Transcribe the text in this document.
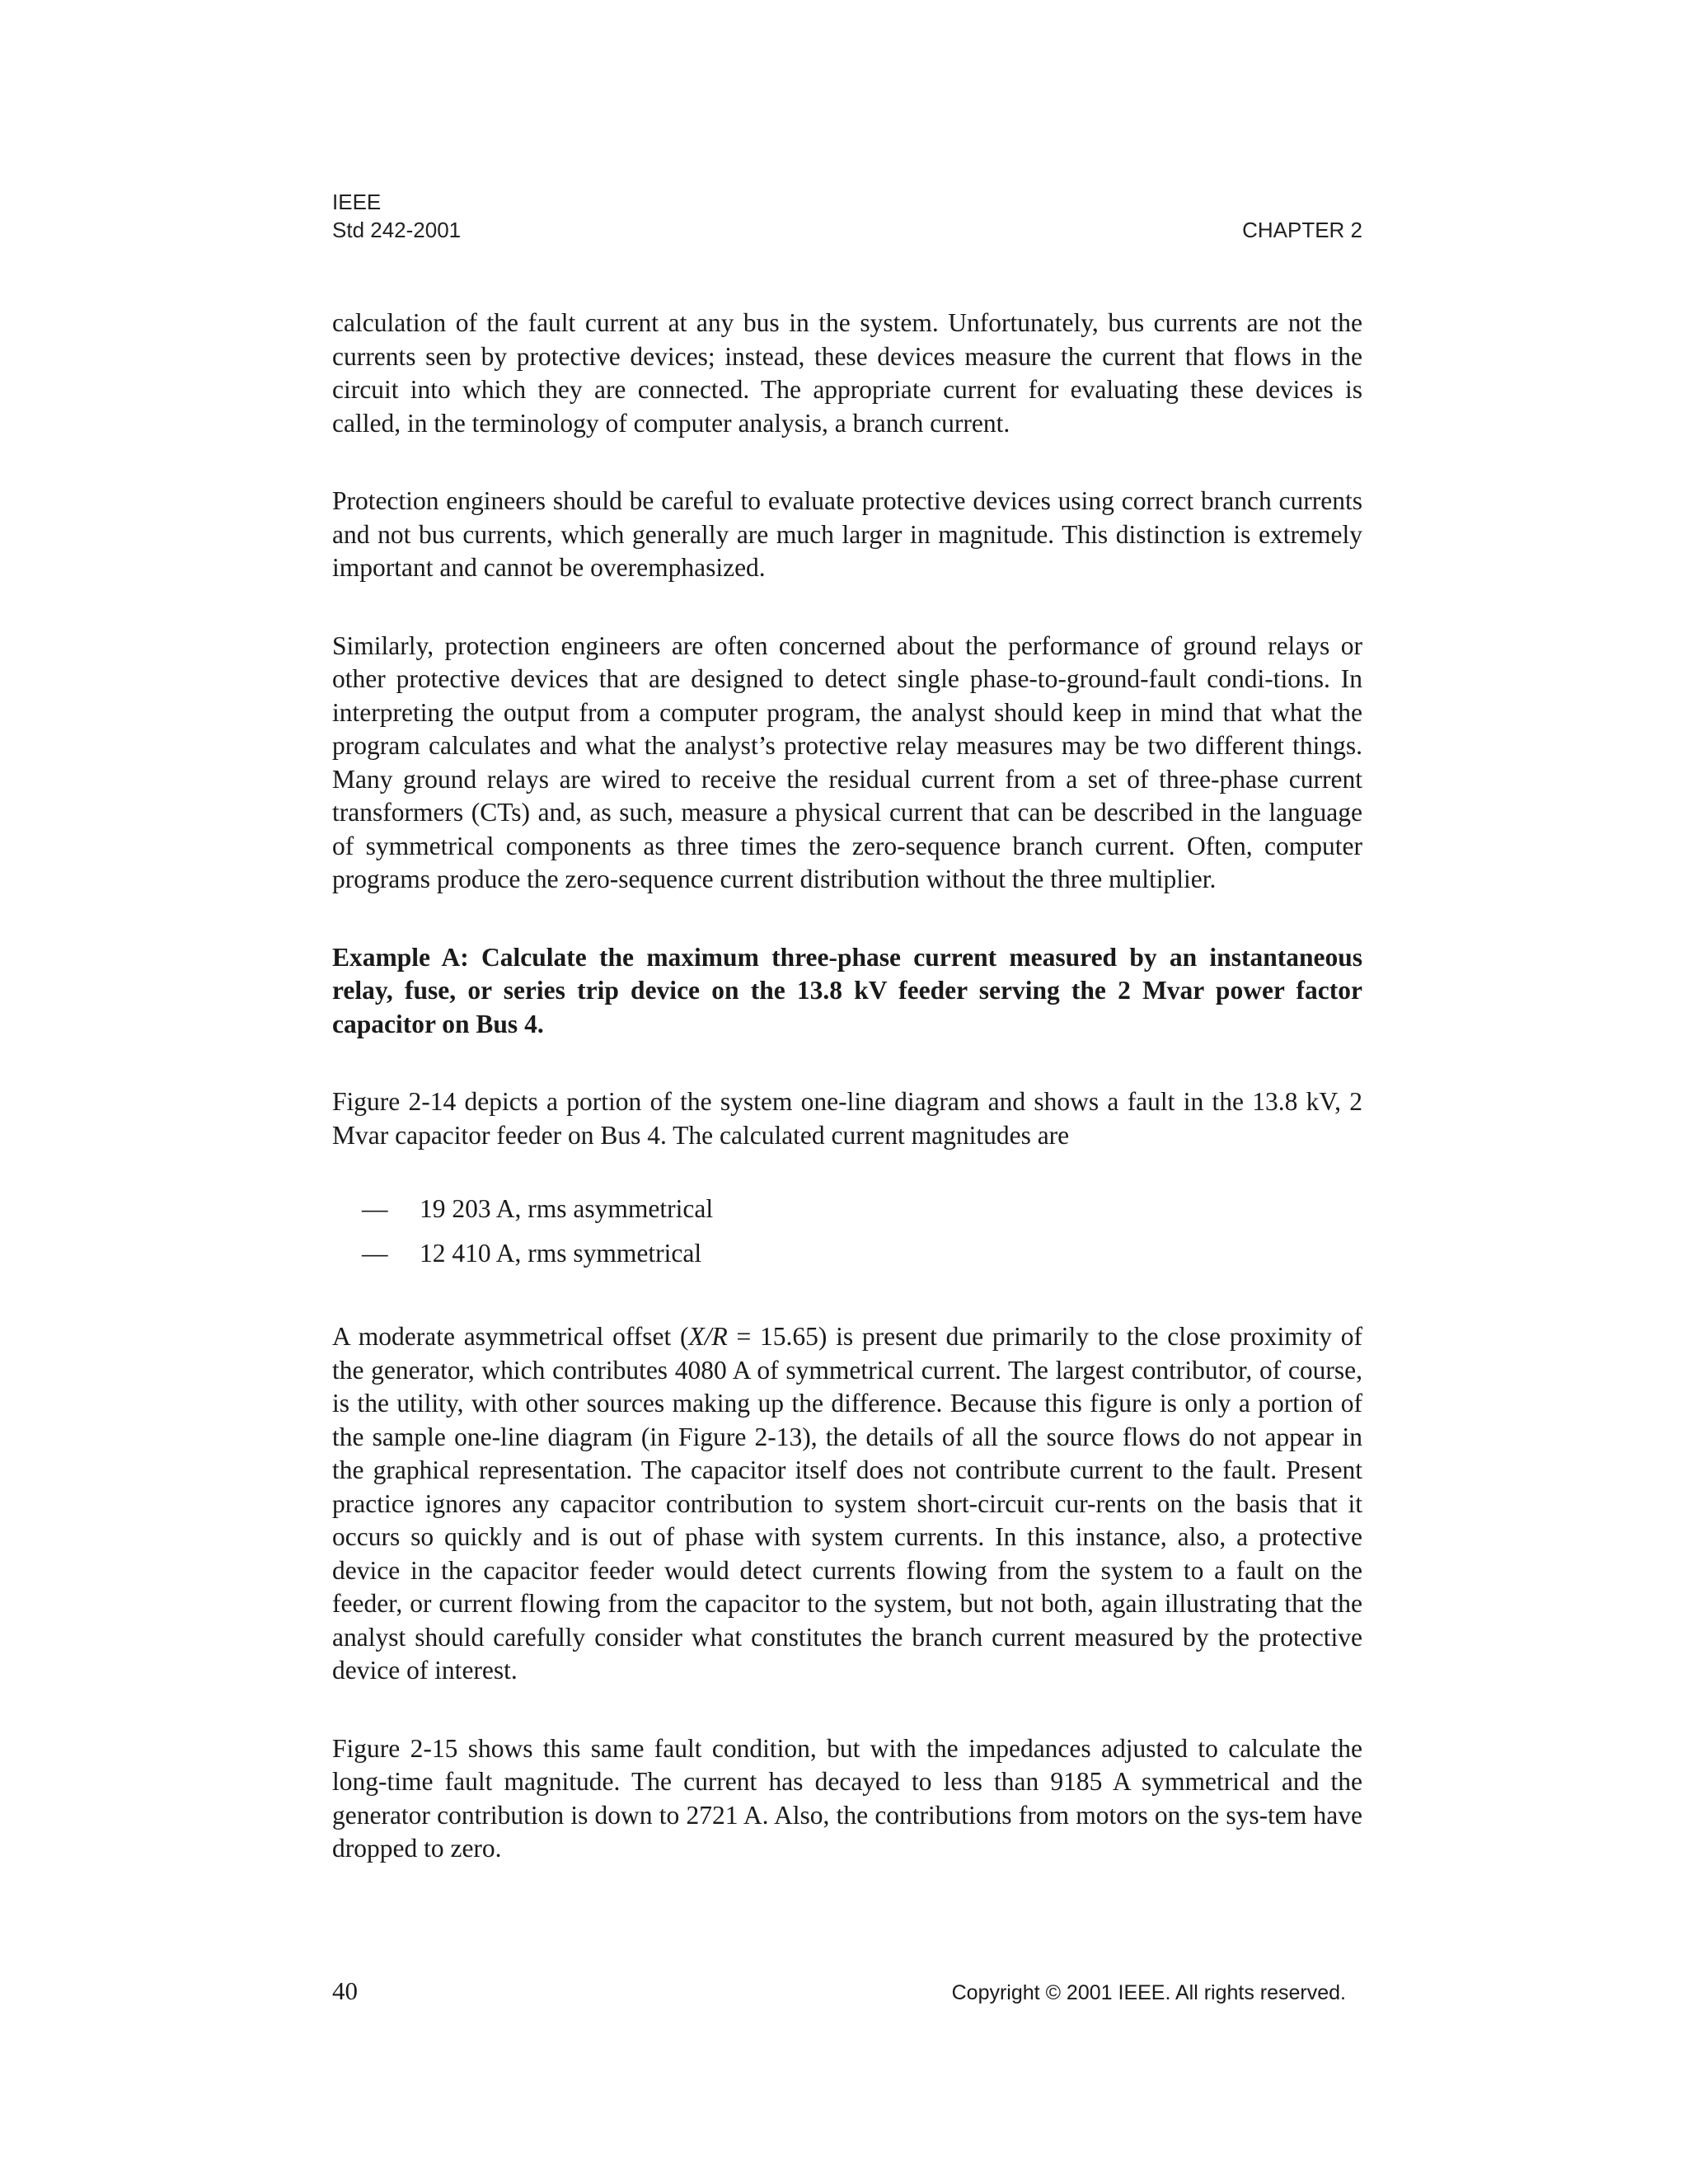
IEEE
Std 242-2001	CHAPTER 2

calculation of the fault current at any bus in the system. Unfortunately, bus currents are not the currents seen by protective devices; instead, these devices measure the current that flows in the circuit into which they are connected. The appropriate current for evaluating these devices is called, in the terminology of computer analysis, a branch current.

Protection engineers should be careful to evaluate protective devices using correct branch currents and not bus currents, which generally are much larger in magnitude. This distinction is extremely important and cannot be overemphasized.

Similarly, protection engineers are often concerned about the performance of ground relays or other protective devices that are designed to detect single phase-to-ground-fault condi-tions. In interpreting the output from a computer program, the analyst should keep in mind that what the program calculates and what the analyst’s protective relay measures may be two different things. Many ground relays are wired to receive the residual current from a set of three-phase current transformers (CTs) and, as such, measure a physical current that can be described in the language of symmetrical components as three times the zero-sequence branch current. Often, computer programs produce the zero-sequence current distribution without the three multiplier.

Example A: Calculate the maximum three-phase current measured by an instantaneous relay, fuse, or series trip device on the 13.8 kV feeder serving the 2 Mvar power factor capacitor on Bus 4.

Figure 2-14 depicts a portion of the system one-line diagram and shows a fault in the 13.8 kV, 2 Mvar capacitor feeder on Bus 4. The calculated current magnitudes are

— 19 203 A, rms asymmetrical
— 12 410 A, rms symmetrical

A moderate asymmetrical offset (X/R = 15.65) is present due primarily to the close proximity of the generator, which contributes 4080 A of symmetrical current. The largest contributor, of course, is the utility, with other sources making up the difference. Because this figure is only a portion of the sample one-line diagram (in Figure 2-13), the details of all the source flows do not appear in the graphical representation. The capacitor itself does not contribute current to the fault. Present practice ignores any capacitor contribution to system short-circuit cur-rents on the basis that it occurs so quickly and is out of phase with system currents. In this instance, also, a protective device in the capacitor feeder would detect currents flowing from the system to a fault on the feeder, or current flowing from the capacitor to the system, but not both, again illustrating that the analyst should carefully consider what constitutes the branch current measured by the protective device of interest.

Figure 2-15 shows this same fault condition, but with the impedances adjusted to calculate the long-time fault magnitude. The current has decayed to less than 9185 A symmetrical and the generator contribution is down to 2721 A. Also, the contributions from motors on the sys-tem have dropped to zero.

40	Copyright © 2001 IEEE. All rights reserved.
